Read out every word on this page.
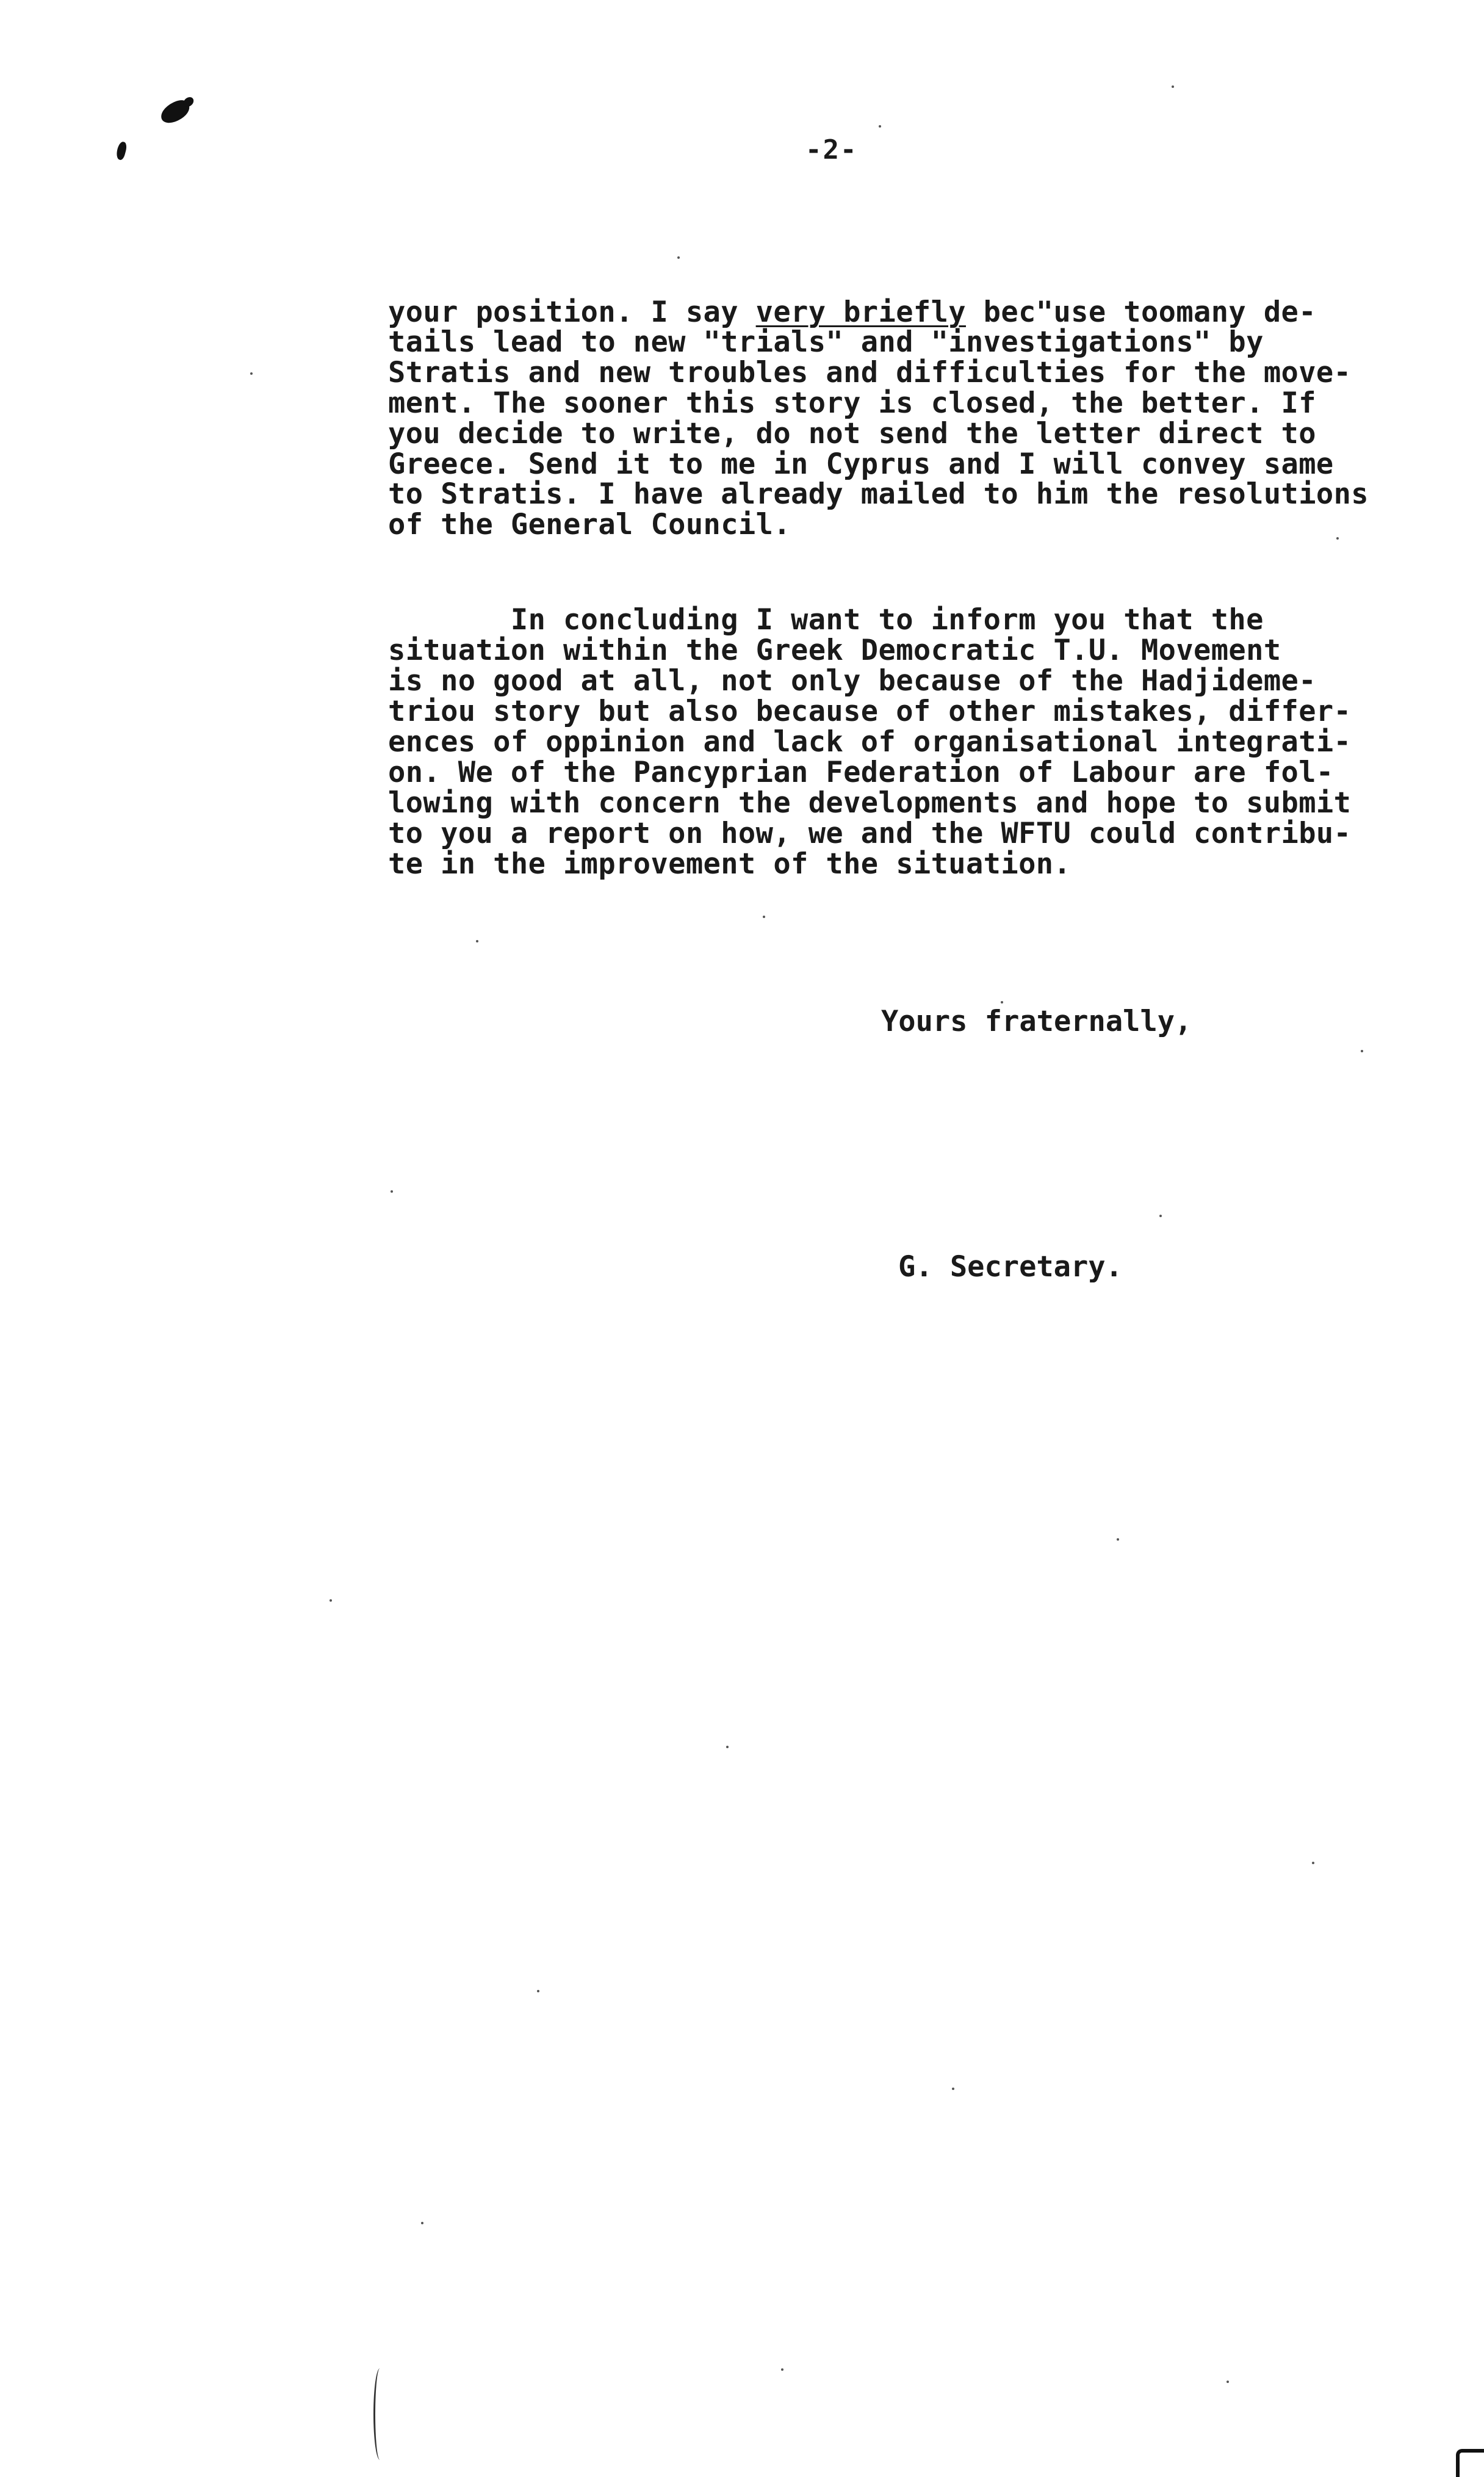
-2-
your position. I say very briefly bec"use toomany de-
tails lead to new "trials" and "investigations" by
Stratis and new troubles and difficulties for the move-
ment. The sooner this story is closed, the better. If
you decide to write, do not send the letter direct to
Greece. Send it to me in Cyprus and I will convey same
to Stratis. I have already mailed to him the resolutions
of the General Council.
In concluding I want to inform you that the
situation within the Greek Democratic T.U. Movement
is no good at all, not only because of the Hadjideme-
triou story but also because of other mistakes, differ-
ences of oppinion and lack of organisational integrati-
on. We of the Pancyprian Federation of Labour are fol-
lowing with concern the developments and hope to submit
to you a report on how, we and the WFTU could contribu-
te in the improvement of the situation.
Yours fraternally,
G. Secretary.
